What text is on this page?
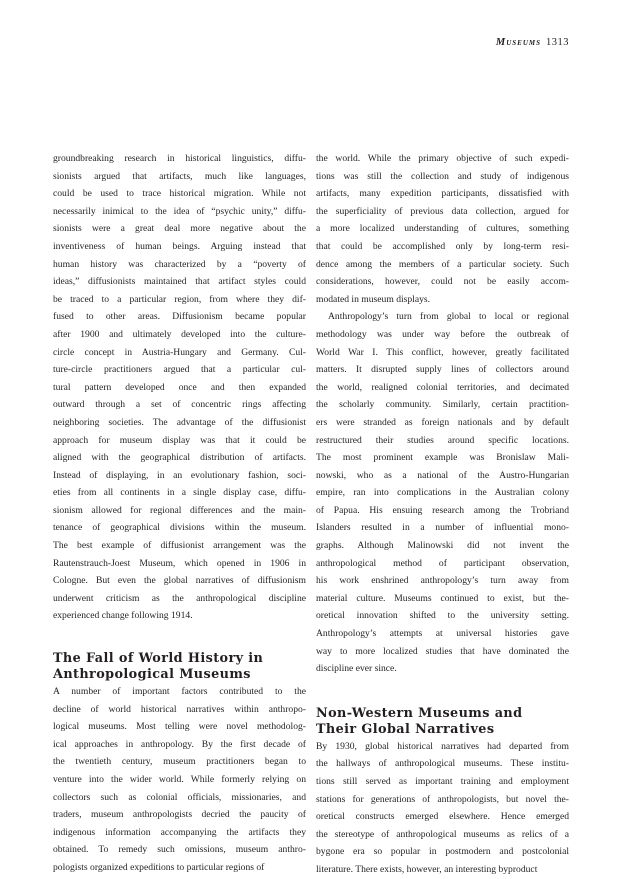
Museums 1313
groundbreaking research in historical linguistics, diffu-
sionists argued that artifacts, much like languages,
could be used to trace historical migration. While not
necessarily inimical to the idea of “psychic unity,” diffu-
sionists were a great deal more negative about the
inventiveness of human beings. Arguing instead that
human history was characterized by a “poverty of
ideas,” diffusionists maintained that artifact styles could
be traced to a particular region, from where they dif-
fused to other areas. Diffusionism became popular
after 1900 and ultimately developed into the culture-
circle concept in Austria-Hungary and Germany. Cul-
ture-circle practitioners argued that a particular cul-
tural pattern developed once and then expanded
outward through a set of concentric rings affecting
neighboring societies. The advantage of the diffusionist
approach for museum display was that it could be
aligned with the geographical distribution of artifacts.
Instead of displaying, in an evolutionary fashion, soci-
eties from all continents in a single display case, diffu-
sionism allowed for regional differences and the main-
tenance of geographical divisions within the museum.
The best example of diffusionist arrangement was the
Rautenstrauch-Joest Museum, which opened in 1906 in
Cologne. But even the global narratives of diffusionism
underwent criticism as the anthropological discipline
experienced change following 1914.
The Fall of World History in
Anthropological Museums
A number of important factors contributed to the
decline of world historical narratives within anthropo-
logical museums. Most telling were novel methodolog-
ical approaches in anthropology. By the first decade of
the twentieth century, museum practitioners began to
venture into the wider world. While formerly relying on
collectors such as colonial officials, missionaries, and
traders, museum anthropologists decried the paucity of
indigenous information accompanying the artifacts they
obtained. To remedy such omissions, museum anthro-
pologists organized expeditions to particular regions of
the world. While the primary objective of such expedi-
tions was still the collection and study of indigenous
artifacts, many expedition participants, dissatisfied with
the superficiality of previous data collection, argued for
a more localized understanding of cultures, something
that could be accomplished only by long-term resi-
dence among the members of a particular society. Such
considerations, however, could not be easily accom-
modated in museum displays.
Anthropology’s turn from global to local or regional
methodology was under way before the outbreak of
World War I. This conflict, however, greatly facilitated
matters. It disrupted supply lines of collectors around
the world, realigned colonial territories, and decimated
the scholarly community. Similarly, certain practition-
ers were stranded as foreign nationals and by default
restructured their studies around specific locations.
The most prominent example was Bronislaw Mali-
nowski, who as a national of the Austro-Hungarian
empire, ran into complications in the Australian colony
of Papua. His ensuing research among the Trobriand
Islanders resulted in a number of influential mono-
graphs. Although Malinowski did not invent the
anthropological method of participant observation,
his work enshrined anthropology’s turn away from
material culture. Museums continued to exist, but the-
oretical innovation shifted to the university setting.
Anthropology’s attempts at universal histories gave
way to more localized studies that have dominated the
discipline ever since.
Non-Western Museums and
Their Global Narratives
By 1930, global historical narratives had departed from
the hallways of anthropological museums. These institu-
tions still served as important training and employment
stations for generations of anthropologists, but novel the-
oretical constructs emerged elsewhere. Hence emerged
the stereotype of anthropological museums as relics of a
bygone era so popular in postmodern and postcolonial
literature. There exists, however, an interesting byproduct
